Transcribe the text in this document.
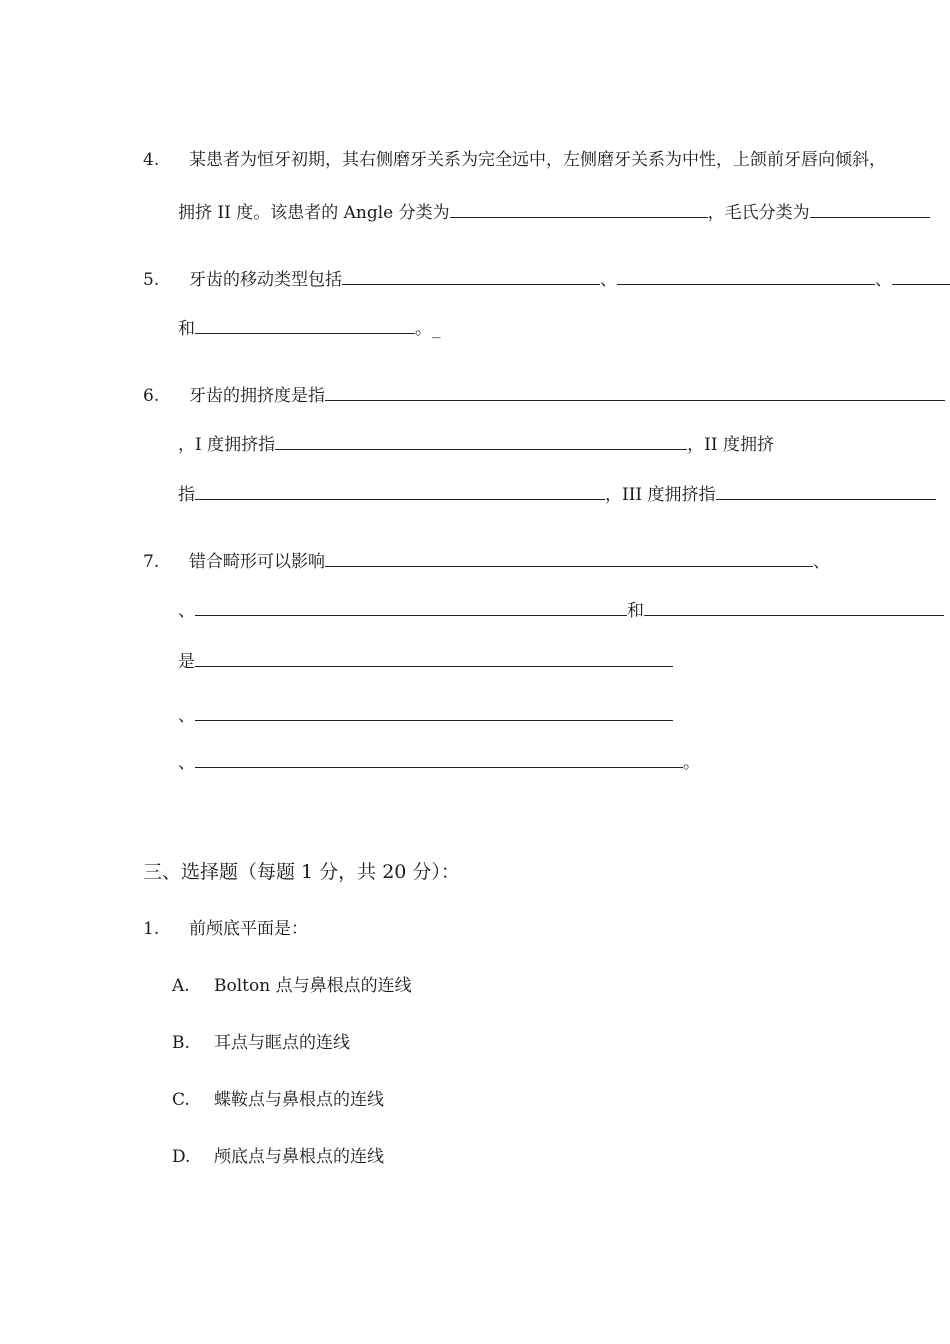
4. 某患者为恒牙初期，其右侧磨牙关系为完全远中，左侧磨牙关系为中性，上颌前牙唇向倾斜，
拥挤 II 度。该患者的 Angle 分类为	，毛氏分类为
5. 牙齿的移动类型包括	、	、
和	。_
6. 牙齿的拥挤度是指
，I 度拥挤指	，II 度拥挤
指	，III 度拥挤指
7. 错合畸形可以影响	、
、	和
是
、
、	。
三、选择题（每题 1 分，共 20 分）：
1. 前颅底平面是：
A. Bolton 点与鼻根点的连线
B. 耳点与眶点的连线
C. 蝶鞍点与鼻根点的连线
D. 颅底点与鼻根点的连线
